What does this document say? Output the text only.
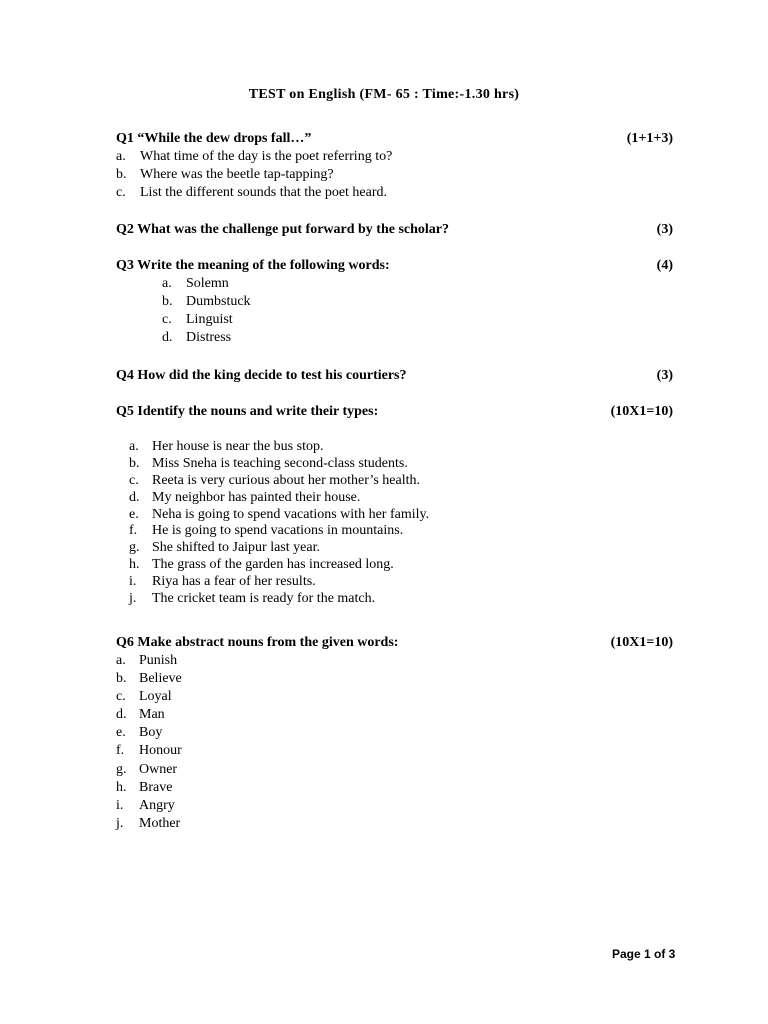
TEST on English (FM- 65 : Time:-1.30 hrs)
Q1 “While the dew drops fall…”	(1+1+3)
a. What time of the day is the poet referring to?
b. Where was the beetle tap-tapping?
c. List the different sounds that the poet heard.
Q2 What was the challenge put forward by the scholar?	(3)
Q3 Write the meaning of the following words:	(4)
a. Solemn
b. Dumbstuck
c. Linguist
d. Distress
Q4 How did the king decide to test his courtiers?	(3)
Q5 Identify the nouns and write their types:	(10X1=10)
a. Her house is near the bus stop.
b. Miss Sneha is teaching second-class students.
c. Reeta is very curious about her mother’s health.
d. My neighbor has painted their house.
e. Neha is going to spend vacations with her family.
f. He is going to spend vacations in mountains.
g. She shifted to Jaipur last year.
h. The grass of the garden has increased long.
i. Riya has a fear of her results.
j. The cricket team is ready for the match.
Q6 Make abstract nouns from the given words:	(10X1=10)
a. Punish
b. Believe
c. Loyal
d. Man
e. Boy
f. Honour
g. Owner
h. Brave
i. Angry
j. Mother
Page 1 of 3
